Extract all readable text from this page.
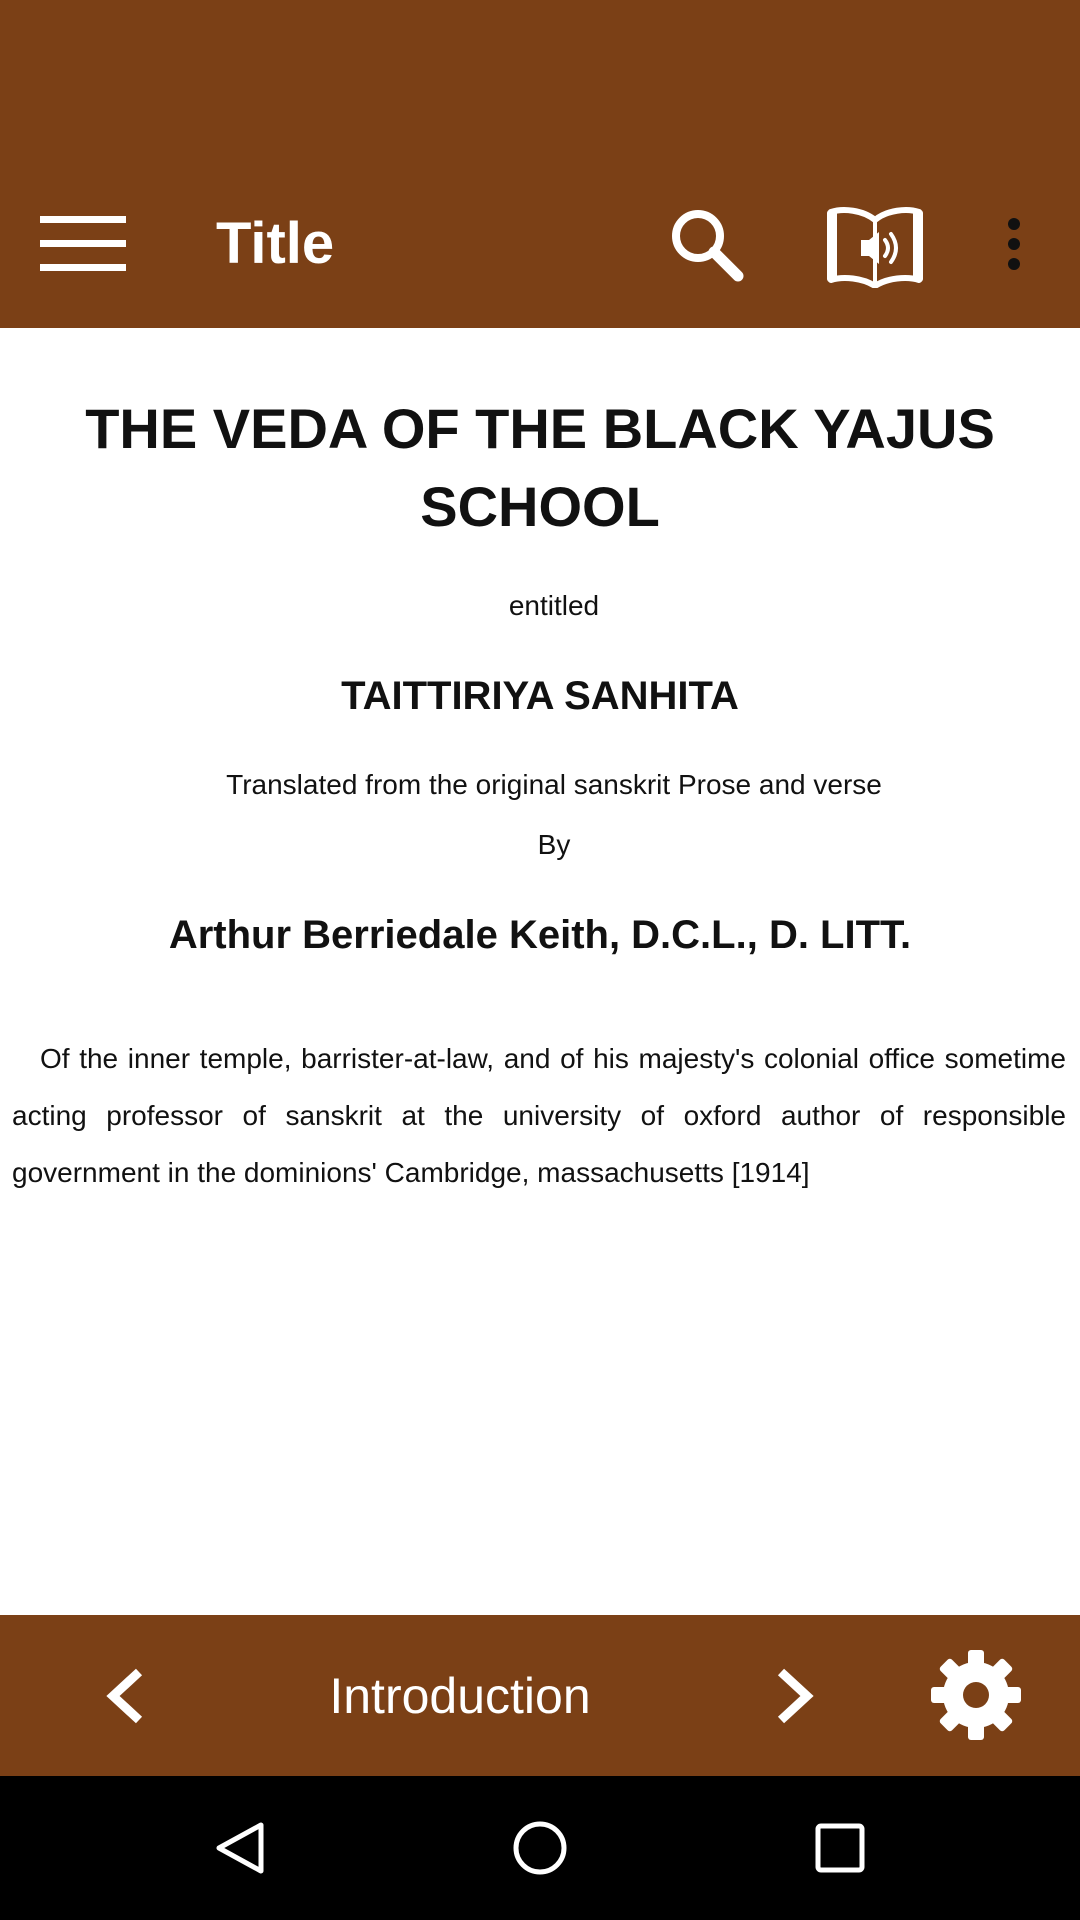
Title
THE VEDA OF THE BLACK YAJUS SCHOOL
entitled
TAITTIRIYA SANHITA
Translated from the original sanskrit Prose and verse
By
Arthur Berriedale Keith, D.C.L., D. LITT.

Of the inner temple, barrister-at-law, and of his majesty's colonial office sometime acting professor of sanskrit at the university of oxford author of responsible government in the dominions' Cambridge, massachusetts [1914]

Introduction
